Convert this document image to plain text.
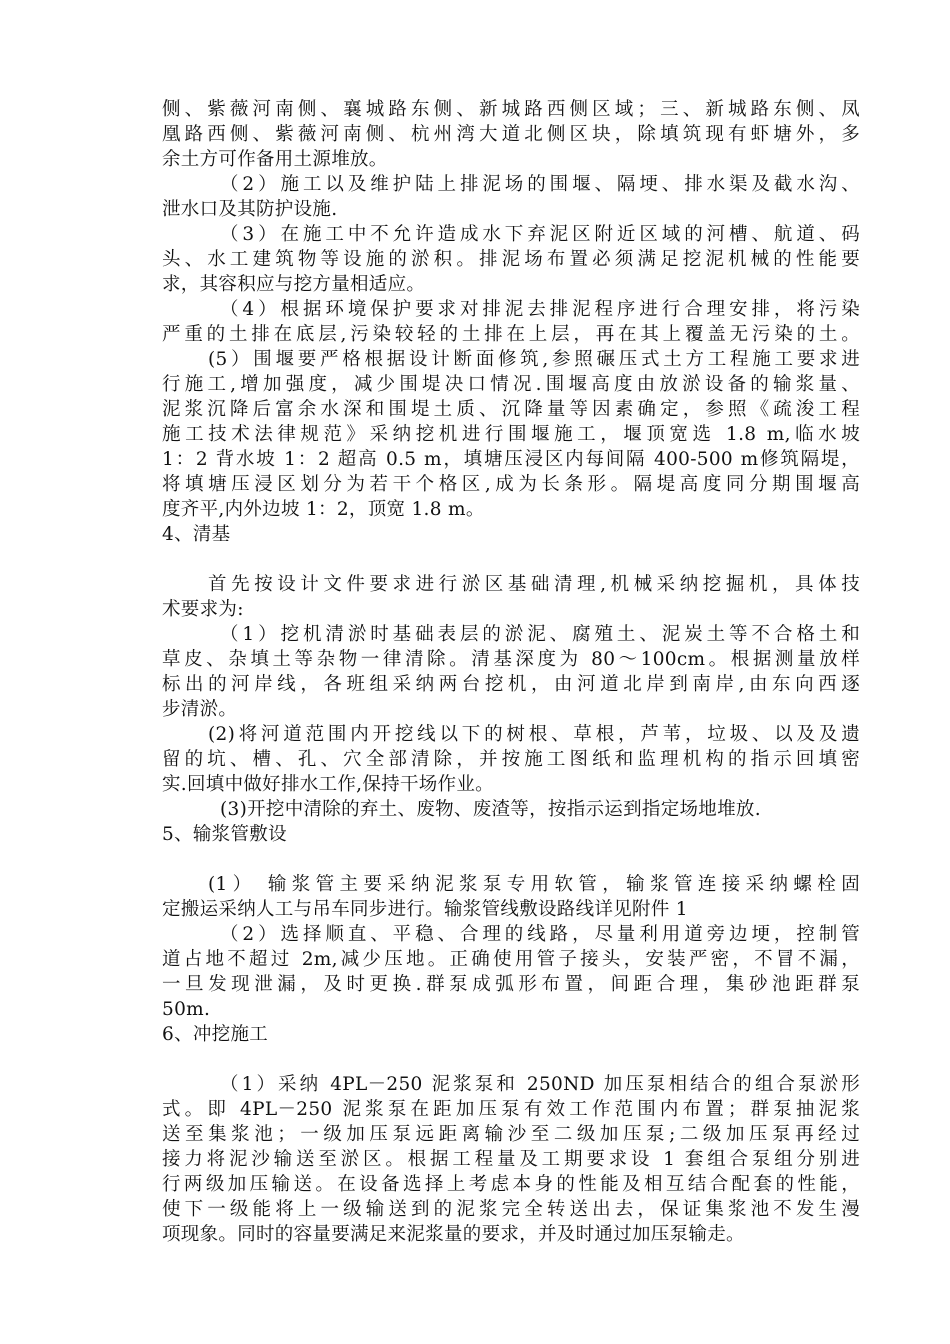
侧、紫薇河南侧、襄城路东侧、新城路西侧区域；三、新城路东侧、凤
凰路西侧、紫薇河南侧、杭州湾大道北侧区块，除填筑现有虾塘外，多
余土方可作备用土源堆放。
（2）施工以及维护陆上排泥场的围堰、隔埂、排水渠及截水沟、
泄水口及其防护设施.
（3）在施工中不允许造成水下弃泥区附近区域的河槽、航道、码
头、水工建筑物等设施的淤积。排泥场布置必须满足挖泥机械的性能要
求，其容积应与挖方量相适应。
（4）根据环境保护要求对排泥去排泥程序进行合理安排，将污染
严重的土排在底层,污染较轻的土排在上层，再在其上覆盖无污染的土。
(5）围堰要严格根据设计断面修筑,参照碾压式土方工程施工要求进
行施工,增加强度，减少围堤决口情况.围堰高度由放淤设备的输浆量、
泥浆沉降后富余水深和围堤土质、沉降量等因素确定，参照《疏浚工程
施工技术法律规范》采纳挖机进行围堰施工，堰顶宽选 1.8 m,临水坡
1：2 背水坡 1：2 超高 0.5 m，填塘压浸区内每间隔 400-500 m修筑隔堤，
将填塘压浸区划分为若干个格区,成为长条形。隔堤高度同分期围堰高
度齐平,内外边坡 1：2，顶宽 1.8 m。
4、清基
首先按设计文件要求进行淤区基础清理,机械采纳挖掘机，具体技
术要求为:
（1）挖机清淤时基础表层的淤泥、腐殖土、泥炭土等不合格土和
草皮、杂填土等杂物一律清除。清基深度为 80～100cm。根据测量放样
标出的河岸线，各班组采纳两台挖机，由河道北岸到南岸,由东向西逐
步清淤。
(2)将河道范围内开挖线以下的树根、草根，芦苇，垃圾、以及及遗
留的坑、槽、孔、穴全部清除，并按施工图纸和监理机构的指示回填密
实.回填中做好排水工作,保持干场作业。
(3)开挖中清除的弃土、废物、废渣等，按指示运到指定场地堆放.
5、输浆管敷设
(1） 输浆管主要采纳泥浆泵专用软管，输浆管连接采纳螺栓固
定搬运采纳人工与吊车同步进行。输浆管线敷设路线详见附件 1
（2）选择顺直、平稳、合理的线路，尽量利用道旁边埂，控制管
道占地不超过 2m,减少压地。正确使用管子接头，安装严密，不冒不漏，
一旦发现泄漏，及时更换.群泵成弧形布置，间距合理，集砂池距群泵
50m.
6、冲挖施工
（1）采纳 4PL－250 泥浆泵和 250ND 加压泵相结合的组合泵淤形
式。即 4PL－250 泥浆泵在距加压泵有效工作范围内布置；群泵抽泥浆
送至集浆池；一级加压泵远距离输沙至二级加压泵;二级加压泵再经过
接力将泥沙输送至淤区。根据工程量及工期要求设 1 套组合泵组分别进
行两级加压输送。在设备选择上考虑本身的性能及相互结合配套的性能，
使下一级能将上一级输送到的泥浆完全转送出去，保证集浆池不发生漫
项现象。同时的容量要满足来泥浆量的要求，并及时通过加压泵输走。
